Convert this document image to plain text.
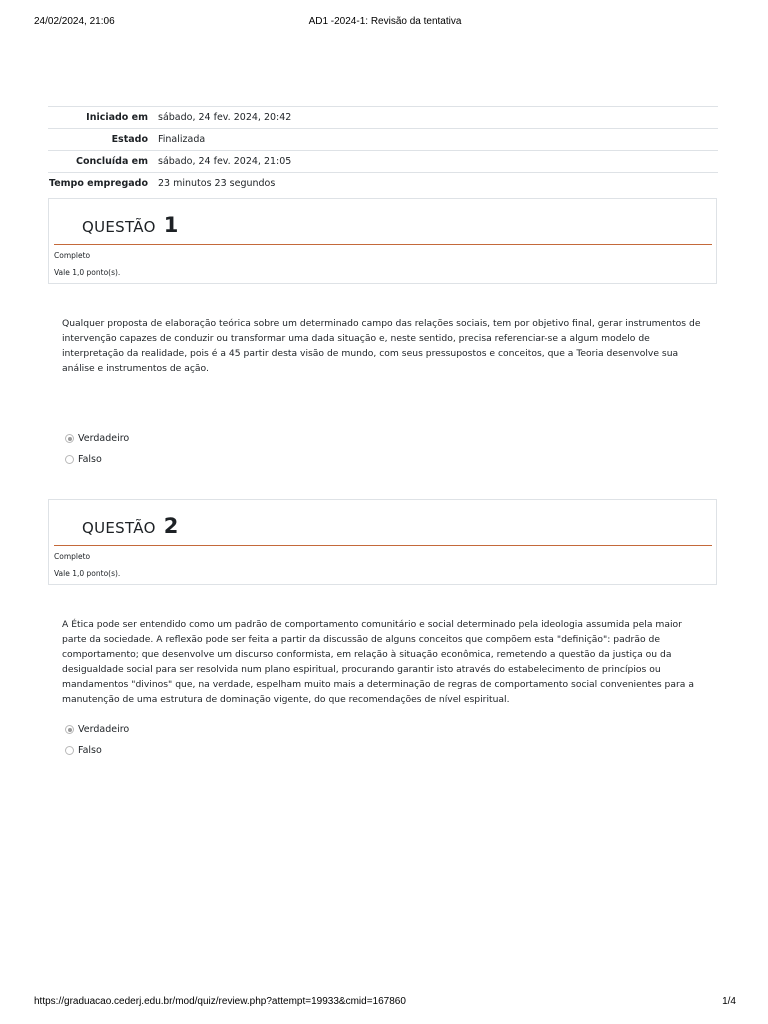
24/02/2024, 21:06	AD1 -2024-1: Revisão da tentativa
Iniciado em	sábado, 24 fev. 2024, 20:42
Estado	Finalizada
Concluída em	sábado, 24 fev. 2024, 21:05
Tempo empregado	23 minutos 23 segundos
QUESTÃO 1
Completo
Vale 1,0 ponto(s).

Qualquer proposta de elaboração teórica sobre um determinado campo das relações sociais, tem por objetivo final, gerar instrumentos de intervenção capazes de conduzir ou transformar uma dada situação e, neste sentido, precisa referenciar-se a algum modelo de interpretação da realidade, pois é a 45 partir desta visão de mundo, com seus pressupostos e conceitos, que a Teoria desenvolve sua análise e instrumentos de ação.

Verdadeiro
Falso
QUESTÃO 2
Completo
Vale 1,0 ponto(s).

A Ética pode ser entendido como um padrão de comportamento comunitário e social determinado pela ideologia assumida pela maior parte da sociedade. A reflexão pode ser feita a partir da discussão de alguns conceitos que compõem esta "definição": padrão de comportamento; que desenvolve um discurso conformista, em relação à situação econômica, remetendo a questão da justiça ou da desigualdade social para ser resolvida num plano espiritual, procurando garantir isto através do estabelecimento de princípios ou mandamentos "divinos" que, na verdade, espelham muito mais a determinação de regras de comportamento social convenientes para a manutenção de uma estrutura de dominação vigente, do que recomendações de nível espiritual.

Verdadeiro
Falso
https://graduacao.cederj.edu.br/mod/quiz/review.php?attempt=19933&cmid=167860	1/4
